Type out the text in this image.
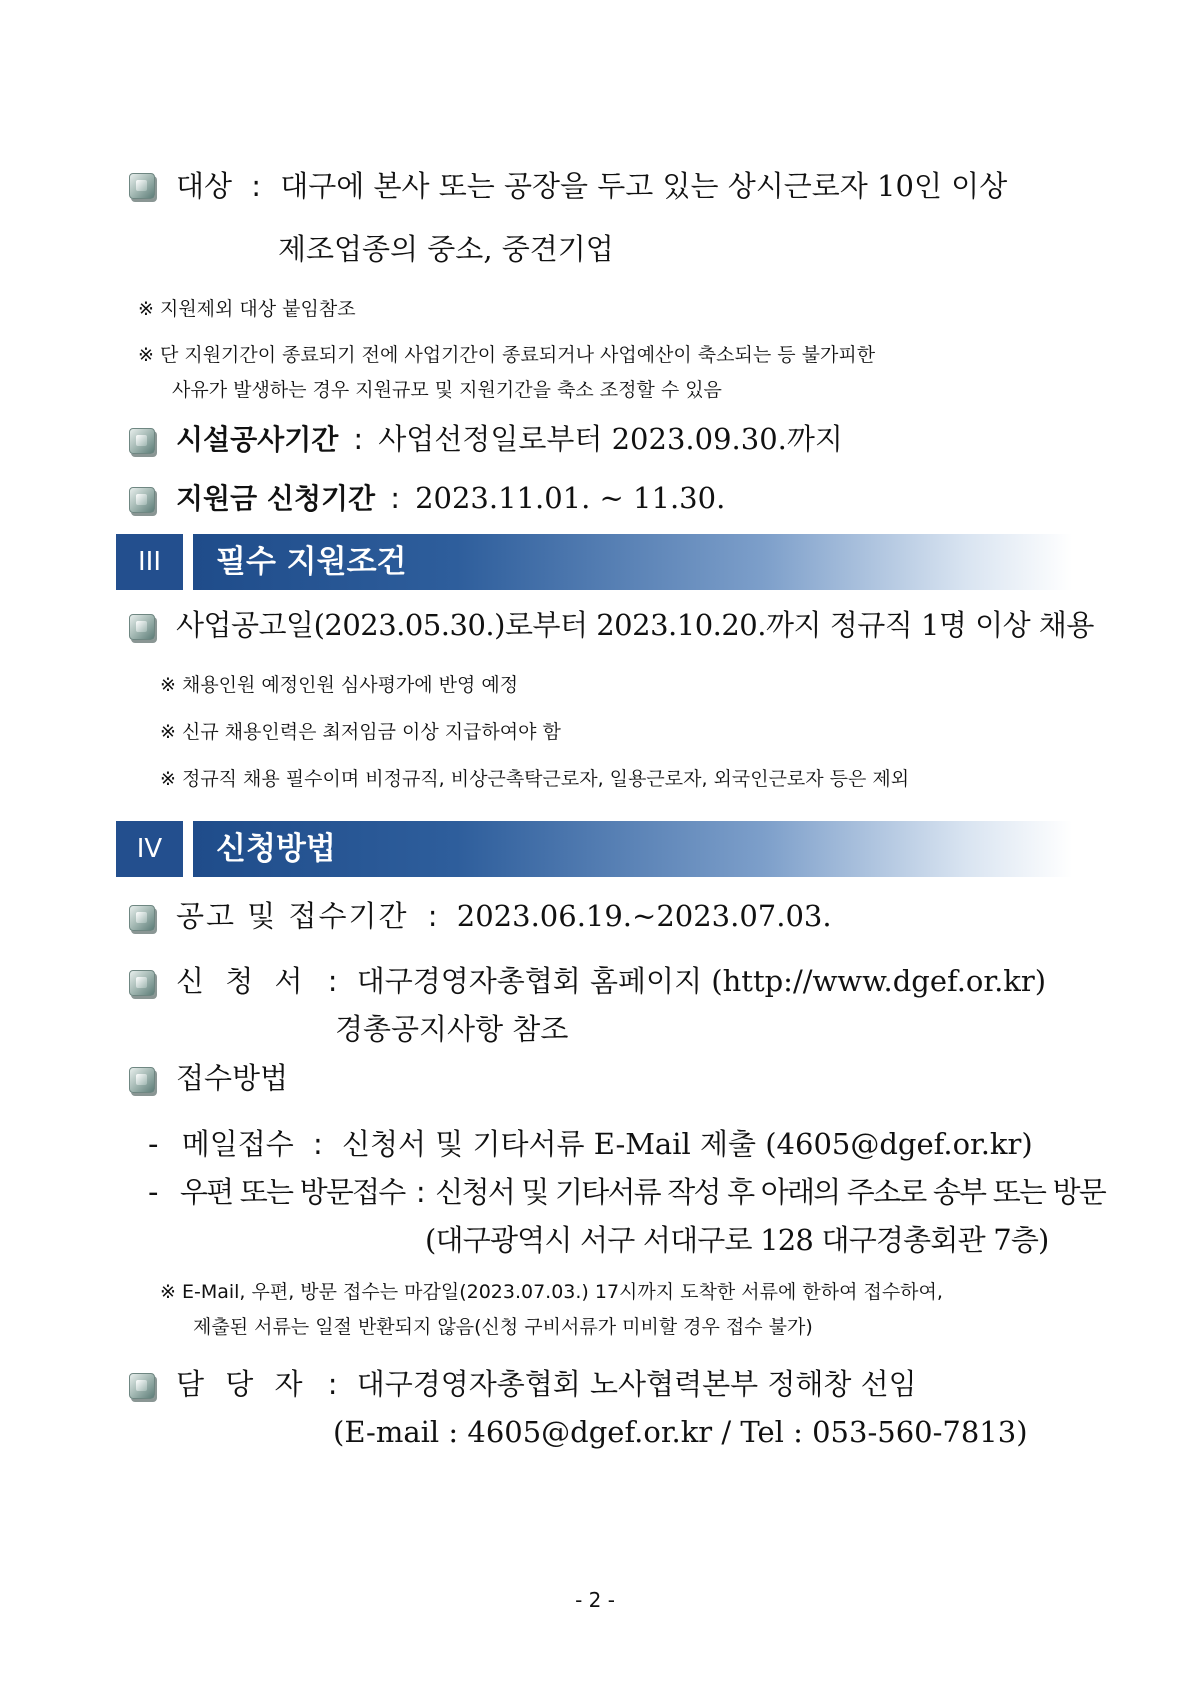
대상 : 대구에 본사 또는 공장을 두고 있는 상시근로자 10인 이상
제조업종의 중소, 중견기업
※ 지원제외 대상 붙임참조
※ 단 지원기간이 종료되기 전에 사업기간이 종료되거나 사업예산이 축소되는 등 불가피한
사유가 발생하는 경우 지원규모 및 지원기간을 축소 조정할 수 있음
시설공사기간 : 사업선정일로부터 2023.09.30.까지
지원금 신청기간 : 2023.11.01. ~ 11.30.
III	필수 지원조건
사업공고일(2023.05.30.)로부터 2023.10.20.까지 정규직 1명 이상 채용
※ 채용인원 예정인원 심사평가에 반영 예정
※ 신규 채용인력은 최저임금 이상 지급하여야 함
※ 정규직 채용 필수이며 비정규직, 비상근촉탁근로자, 일용근로자, 외국인근로자 등은 제외
IV	신청방법
공고 및 접수기간 : 2023.06.19.~2023.07.03.
신 청 서 : 대구경영자총협회 홈페이지 (http://www.dgef.or.kr)
경총공지사항 참조
접수방법
- 메일접수 : 신청서 및 기타서류 E-Mail 제출 (4605@dgef.or.kr)
- 우편 또는 방문접수 : 신청서 및 기타서류 작성 후 아래의 주소로 송부 또는 방문
(대구광역시 서구 서대구로 128 대구경총회관 7층)
※ E-Mail, 우편, 방문 접수는 마감일(2023.07.03.) 17시까지 도착한 서류에 한하여 접수하여,
제출된 서류는 일절 반환되지 않음(신청 구비서류가 미비할 경우 접수 불가)
담 당 자 : 대구경영자총협회 노사협력본부 정해창 선임
(E-mail : 4605@dgef.or.kr / Tel : 053-560-7813)
- 2 -
